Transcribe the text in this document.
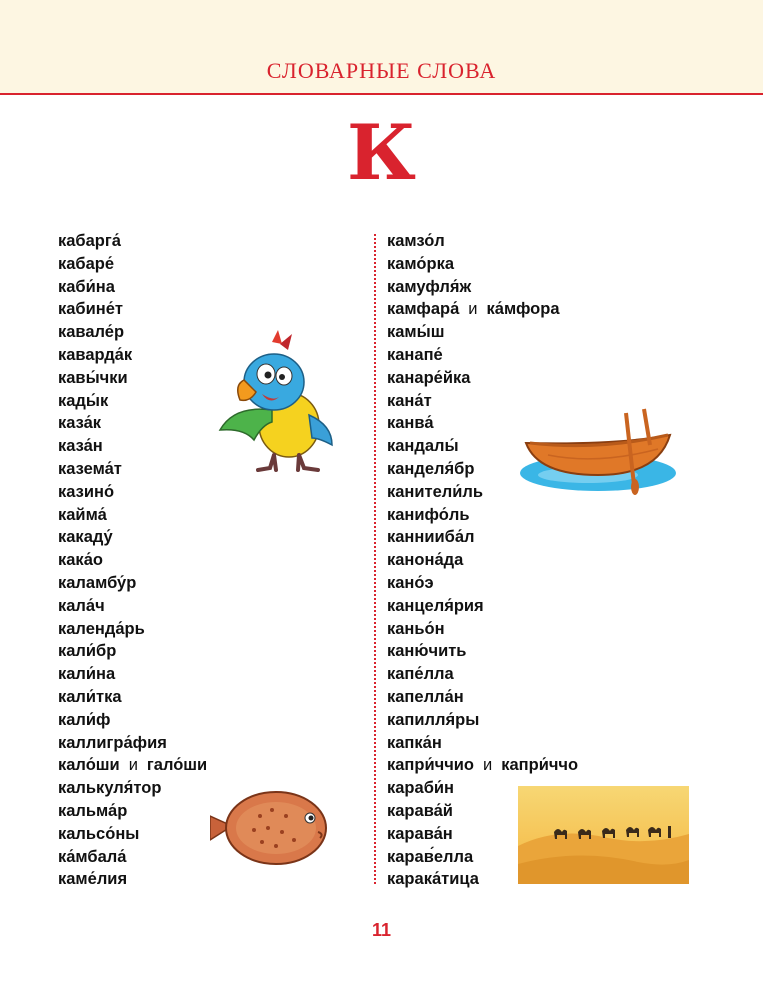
СЛОВАРНЫЕ СЛОВА
К
кабарга́
кабаре́
каби́на
кабине́т
кавале́р
каварда́к
кавы́чки
кады́к
каза́к
каза́н
казема́т
казино́
кайма́
какаду́
кака́о
каламбу́р
кала́ч
календа́рь
кали́бр
кали́на
кали́тка
кали́ф
каллигра́фия
кало́ши и гало́ши
калькуля́тор
кальма́р
кальсо́ны
ка́мбала́
каме́лия
камзо́л
камо́рка
камуфля́ж
камфара́ и ка́мфора
камы́ш
канапе́
канаре́йка
кана́т
канва́
кандалы́
канделя́бр
канители́ль
канифо́ль
каннииба́л
канона́да
кано́э
канцеля́рия
каньо́н
каню́чить
капе́лла
капелла́н
капилля́ры
капка́н
капри́ччио и капри́ччо
караби́н
карава́й
карава́н
карав́елла
карака́тица
11
